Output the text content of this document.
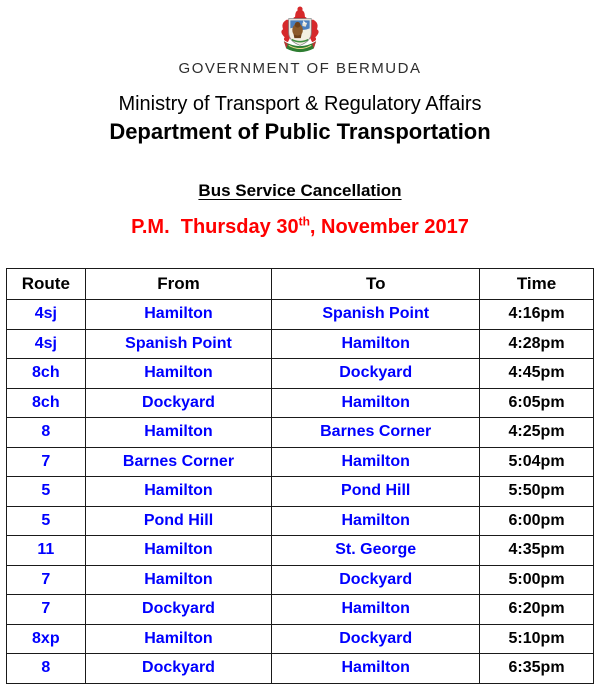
GOVERNMENT OF BERMUDA
Ministry of Transport & Regulatory Affairs
Department of Public Transportation
Bus Service Cancellation
P.M.  Thursday 30th, November 2017
Route	From	To	Time
4sj	Hamilton	Spanish Point	4:16pm
4sj	Spanish Point	Hamilton	4:28pm
8ch	Hamilton	Dockyard	4:45pm
8ch	Dockyard	Hamilton	6:05pm
8	Hamilton	Barnes Corner	4:25pm
7	Barnes Corner	Hamilton	5:04pm
5	Hamilton	Pond Hill	5:50pm
5	Pond Hill	Hamilton	6:00pm
11	Hamilton	St. George	4:35pm
7	Hamilton	Dockyard	5:00pm
7	Dockyard	Hamilton	6:20pm
8xp	Hamilton	Dockyard	5:10pm
8	Dockyard	Hamilton	6:35pm
